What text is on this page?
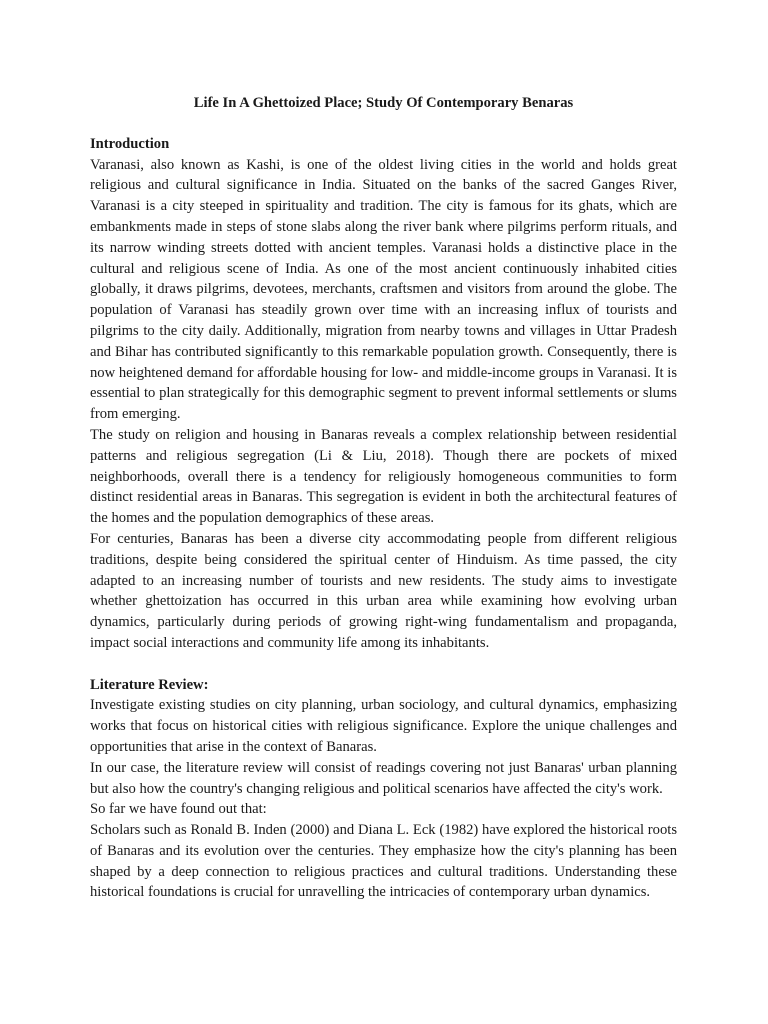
Life In A Ghettoized Place; Study Of Contemporary Benaras
Introduction

Varanasi, also known as Kashi, is one of the oldest living cities in the world and holds great religious and cultural significance in India. Situated on the banks of the sacred Ganges River, Varanasi is a city steeped in spirituality and tradition. The city is famous for its ghats, which are embankments made in steps of stone slabs along the river bank where pilgrims perform rituals, and its narrow winding streets dotted with ancient temples. Varanasi holds a distinctive place in the cultural and religious scene of India. As one of the most ancient continuously inhabited cities globally, it draws pilgrims, devotees, merchants, craftsmen and visitors from around the globe. The population of Varanasi has steadily grown over time with an increasing influx of tourists and pilgrims to the city daily. Additionally, migration from nearby towns and villages in Uttar Pradesh and Bihar has contributed significantly to this remarkable population growth. Consequently, there is now heightened demand for affordable housing for low- and middle-income groups in Varanasi. It is essential to plan strategically for this demographic segment to prevent informal settlements or slums from emerging.

The study on religion and housing in Banaras reveals a complex relationship between residential patterns and religious segregation (Li & Liu, 2018). Though there are pockets of mixed neighborhoods, overall there is a tendency for religiously homogeneous communities to form distinct residential areas in Banaras. This segregation is evident in both the architectural features of the homes and the population demographics of these areas.

For centuries, Banaras has been a diverse city accommodating people from different religious traditions, despite being considered the spiritual center of Hinduism. As time passed, the city adapted to an increasing number of tourists and new residents. The study aims to investigate whether ghettoization has occurred in this urban area while examining how evolving urban dynamics, particularly during periods of growing right-wing fundamentalism and propaganda, impact social interactions and community life among its inhabitants.

Literature Review:

Investigate existing studies on city planning, urban sociology, and cultural dynamics, emphasizing works that focus on historical cities with religious significance. Explore the unique challenges and opportunities that arise in the context of Banaras.

In our case, the literature review will consist of readings covering not just Banaras' urban planning but also how the country's changing religious and political scenarios have affected the city's work.

So far we have found out that:

Scholars such as Ronald B. Inden (2000) and Diana L. Eck (1982) have explored the historical roots of Banaras and its evolution over the centuries. They emphasize how the city's planning has been shaped by a deep connection to religious practices and cultural traditions. Understanding these historical foundations is crucial for unravelling the intricacies of contemporary urban dynamics.
